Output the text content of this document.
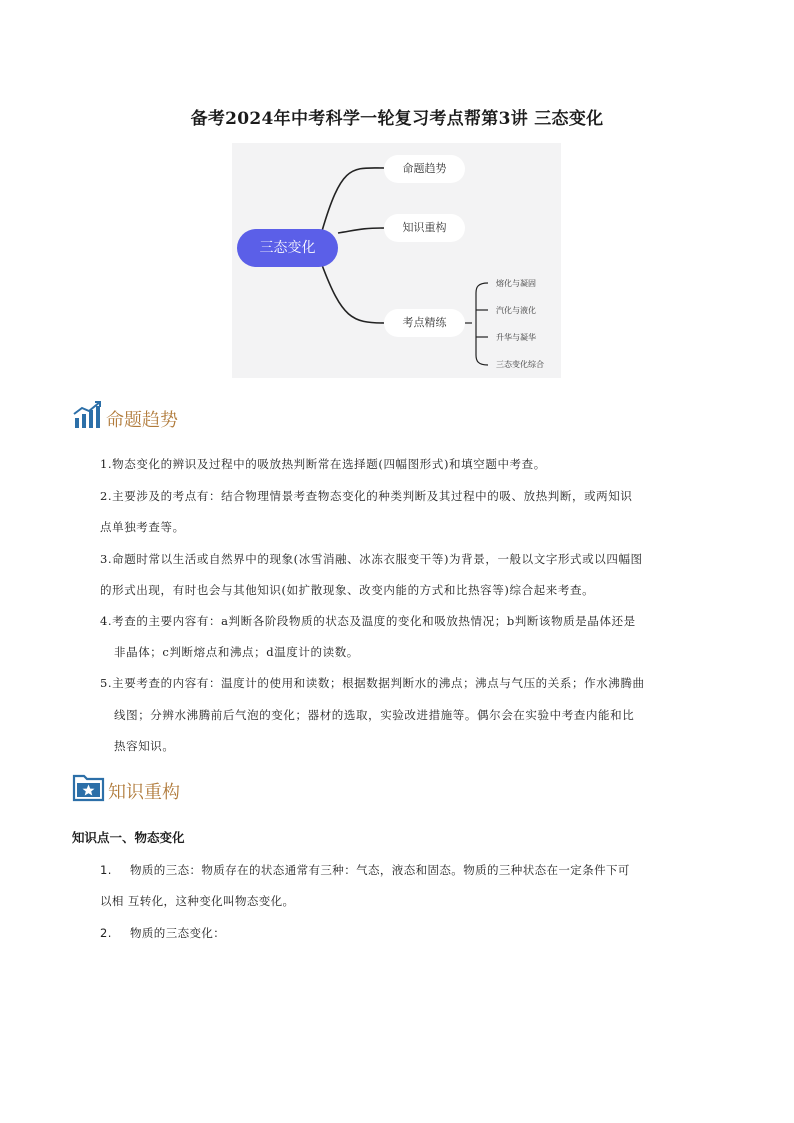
备考2024年中考科学一轮复习考点帮第3讲 三态变化
三态变化
命题趋势
知识重构
考点精练
熔化与凝固
汽化与液化
升华与凝华
三态变化综合
命题趋势
1.物态变化的辨识及过程中的吸放热判断常在选择题(四幅图形式)和填空题中考查。
2.主要涉及的考点有：结合物理情景考查物态变化的种类判断及其过程中的吸、放热判断，或两知识
点单独考查等。
3.命题时常以生活或自然界中的现象(冰雪消融、冰冻衣服变干等)为背景，一般以文字形式或以四幅图
的形式出现，有时也会与其他知识(如扩散现象、改变内能的方式和比热容等)综合起来考查。
4.考查的主要内容有：a判断各阶段物质的状态及温度的变化和吸放热情况；b判断该物质是晶体还是
非晶体；c判断熔点和沸点；d温度计的读数。
5.主要考查的内容有：温度计的使用和读数；根据数据判断水的沸点；沸点与气压的关系；作水沸腾曲
线图；分辨水沸腾前后气泡的变化；器材的选取，实验改进措施等。偶尔会在实验中考查内能和比
热容知识。
知识重构
知识点一、物态变化
1. 物质的三态：物质存在的状态通常有三种：气态，液态和固态。物质的三种状态在一定条件下可
以相 互转化，这种变化叫物态变化。
2. 物质的三态变化：
